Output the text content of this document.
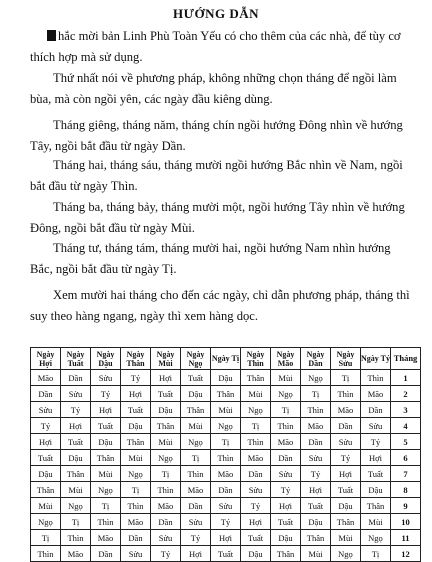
HƯỚNG DẪN
hắc mời bản Linh Phù Toàn Yếu có cho thêm của các nhà, để tùy cơ
thích hợp mà sử dụng.
Thứ nhất nói về phương pháp, không những chọn tháng để ngồi làm
bùa, mà còn ngồi yên, các ngày đầu kiêng dùng.
Tháng giêng, tháng năm, tháng chín ngồi hướng Đông nhìn về hướng
Tây, ngồi bắt đầu từ ngày Dần.
Tháng hai, tháng sáu, tháng mười ngồi hướng Bắc nhìn về Nam, ngồi
bắt đầu từ ngày Thìn.
Tháng ba, tháng bảy, tháng mười một, ngồi hướng Tây nhìn về hướng
Đông, ngồi bắt đầu từ ngày Mùi.
Tháng tư, tháng tám, tháng mười hai, ngồi hướng Nam nhìn hướng
Bắc, ngồi bắt đầu từ ngày Tị.
Xem mười hai tháng cho đến các ngày, chỉ dẫn phương pháp, tháng thì
suy theo hàng ngang, ngày thì xem hàng dọc.
Ngày Hợi	Ngày Tuất	Ngày Dậu	Ngày Thân	Ngày Mùi	Ngày Ngọ	Ngày Tị	Ngày Thìn	Ngày Mão	Ngày Dần	Ngày Sửu	Ngày Tý	Tháng
Mão	Dần	Sửu	Tý	Hợi	Tuất	Dậu	Thân	Mùi	Ngọ	Tị	Thìn	1
Dần	Sửu	Tý	Hợi	Tuất	Dậu	Thân	Mùi	Ngọ	Tị	Thìn	Mão	2
Sửu	Tý	Hợi	Tuất	Dậu	Thân	Mùi	Ngọ	Tị	Thìn	Mão	Dần	3
Tý	Hợi	Tuất	Dậu	Thân	Mùi	Ngọ	Tị	Thìn	Mão	Dần	Sửu	4
Hợi	Tuất	Dậu	Thân	Mùi	Ngọ	Tị	Thìn	Mão	Dần	Sửu	Tý	5
Tuất	Dậu	Thân	Mùi	Ngọ	Tị	Thìn	Mão	Dần	Sửu	Tý	Hợi	6
Dậu	Thân	Mùi	Ngọ	Tị	Thìn	Mão	Dần	Sửu	Tý	Hợi	Tuất	7
Thân	Mùi	Ngọ	Tị	Thìn	Mão	Dần	Sửu	Tý	Hợi	Tuất	Dậu	8
Mùi	Ngọ	Tị	Thìn	Mão	Dần	Sửu	Tý	Hợi	Tuất	Dậu	Thân	9
Ngọ	Tị	Thìn	Mão	Dần	Sửu	Tý	Hợi	Tuất	Dậu	Thân	Mùi	10
Tị	Thìn	Mão	Dần	Sửu	Tý	Hợi	Tuất	Dậu	Thân	Mùi	Ngọ	11
Thìn	Mão	Dần	Sửu	Tý	Hợi	Tuất	Dậu	Thân	Mùi	Ngọ	Tị	12
